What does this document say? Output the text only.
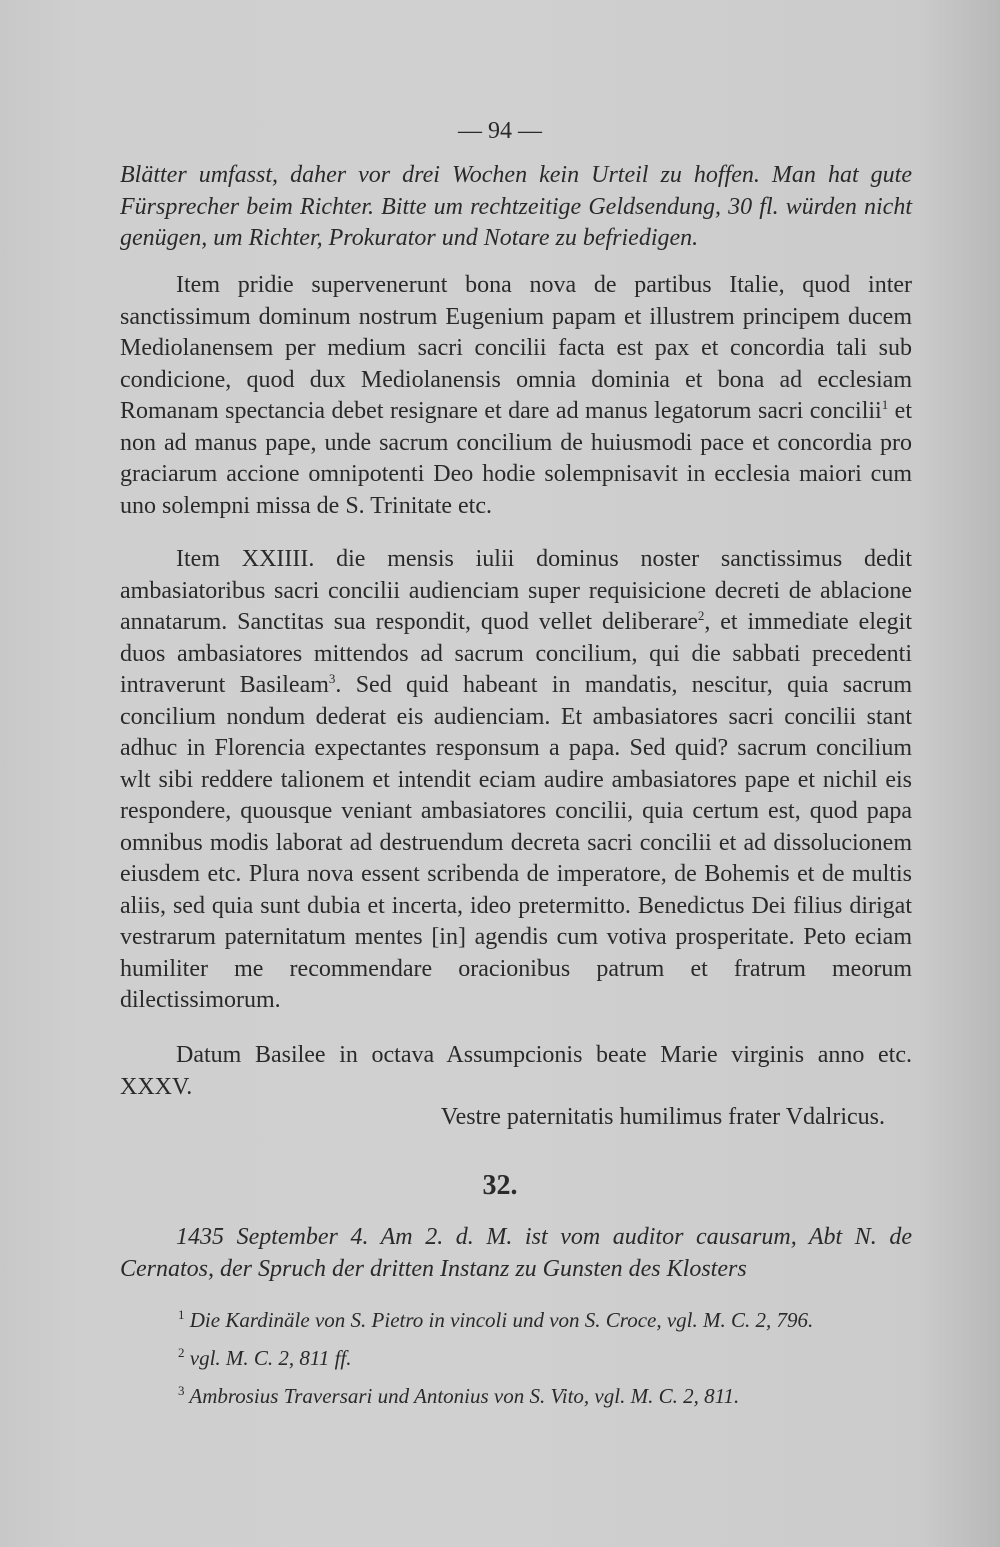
— 94 —
Blätter umfasst, daher vor drei Wochen kein Urteil zu hoffen. Man hat gute Fürsprecher beim Richter. Bitte um rechtzeitige Geldsendung, 30 fl. würden nicht genügen, um Richter, Prokurator und Notare zu befriedigen.

Item pridie supervenerunt bona nova de partibus Italie, quod inter sanctissimum dominum nostrum Eugenium papam et illustrem principem ducem Mediolanensem per medium sacri concilii facta est pax et concordia tali sub condicione, quod dux Mediolanensis omnia dominia et bona ad ecclesiam Romanam spectancia debet resignare et dare ad manus legatorum sacri concilii$^1$ et non ad manus pape, unde sacrum concilium de huiusmodi pace et concordia pro graciarum accione omnipotenti Deo hodie solempnisavit in ecclesia maiori cum uno solempni missa de S. Trinitate etc.

Item XXIIII. die mensis iulii dominus noster sanctissimus dedit ambasiatoribus sacri concilii audienciam super requisicione decreti de ablacione annatarum. Sanctitas sua respondit, quod vellet deliberare$^2$, et immediate elegit duos ambasiatores mittendos ad sacrum concilium, qui die sabbati precedenti intraverunt Basileam$^3$. Sed quid habeant in mandatis, nescitur, quia sacrum concilium nondum dederat eis audienciam. Et ambasiatores sacri concilii stant adhuc in Florencia expectantes responsum a papa. Sed quid? sacrum concilium wlt sibi reddere talionem et intendit eciam audire ambasiatores pape et nichil eis respondere, quousque veniant ambasiatores concilii, quia certum est, quod papa omnibus modis laborat ad destruendum decreta sacri concilii et ad dissolucionem eiusdem etc. Plura nova essent scribenda de imperatore, de Bohemis et de multis aliis, sed quia sunt dubia et incerta, ideo pretermitto. Benedictus Dei filius dirigat vestrarum paternitatum mentes [in] agendis cum votiva prosperitate. Peto eciam humiliter me recommendare oracionibus patrum et fratrum meorum dilectissimorum.

Datum Basilee in octava Assumpcionis beate Marie virginis anno etc. XXXV.

Vestre paternitatis humilimus frater Vdalricus.
32.

1435 September 4. Am 2. d. M. ist vom auditor causarum, Abt N. de Cernatos, der Spruch der dritten Instanz zu Gunsten des Klosters

$^1$ Die Kardinäle von S. Pietro in vincoli und von S. Croce, vgl. M. C. 2, 796.

$^2$ vgl. M. C. 2, 811 ff.

$^3$ Ambrosius Traversari und Antonius von S. Vito, vgl. M. C. 2, 811.
